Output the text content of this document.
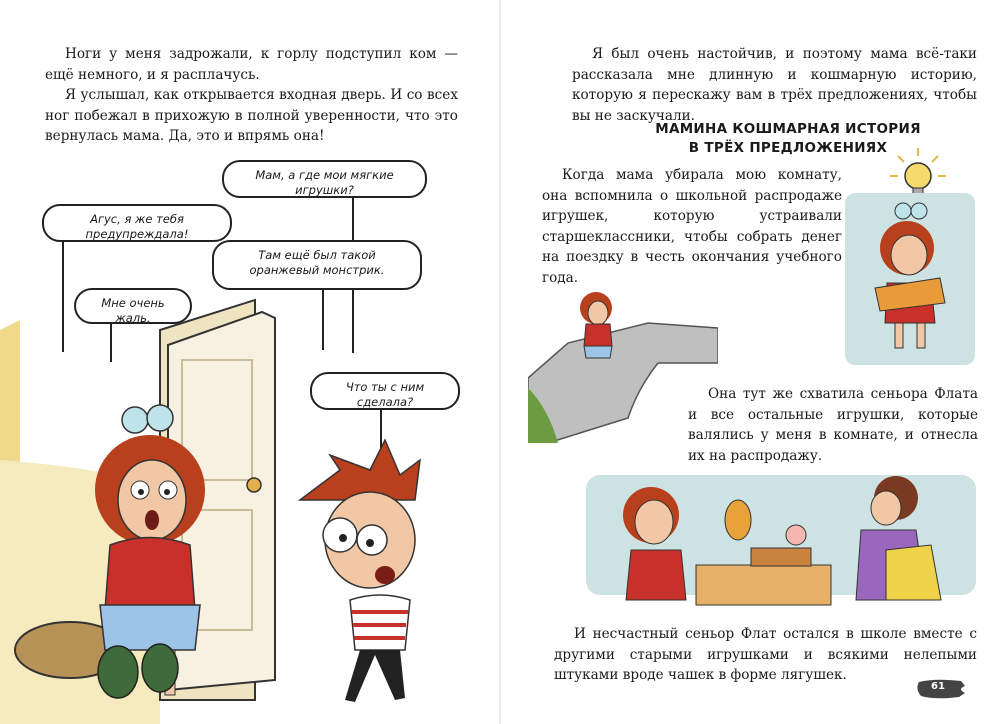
Ноги у меня задрожали, к горлу подступил ком — ещё немного, и я расплачусь.

Я услышал, как открывается входная дверь. И со всех ног побежал в прихожую в полной уверенности, что это вернулась мама. Да, это и впрямь она!

Мам, а где мои мягкие игрушки?
Агус, я же тебя предупреждала!
Там ещё был такой оранжевый монстрик.
Мне очень жаль.
Что ты с ним сделала?

Я был очень настойчив, и поэтому мама всё-таки рассказала мне длинную и кошмарную историю, которую я перескажу вам в трёх предложениях, чтобы вы не заскучали.

МАМИНА КОШМАРНАЯ ИСТОРИЯ
В ТРЁХ ПРЕДЛОЖЕНИЯХ

Когда мама убирала мою комнату, она вспомнила о школьной распродаже игрушек, которую устраивали старшеклассники, чтобы собрать денег на поездку в честь окончания учебного года.

Она тут же схватила сеньора Флата и все остальные игрушки, которые валялись у меня в комнате, и отнесла их на распродажу.

И несчастный сеньор Флат остался в школе вместе с другими старыми игрушками и всякими нелепыми штуками вроде чашек в форме лягушек.

61
